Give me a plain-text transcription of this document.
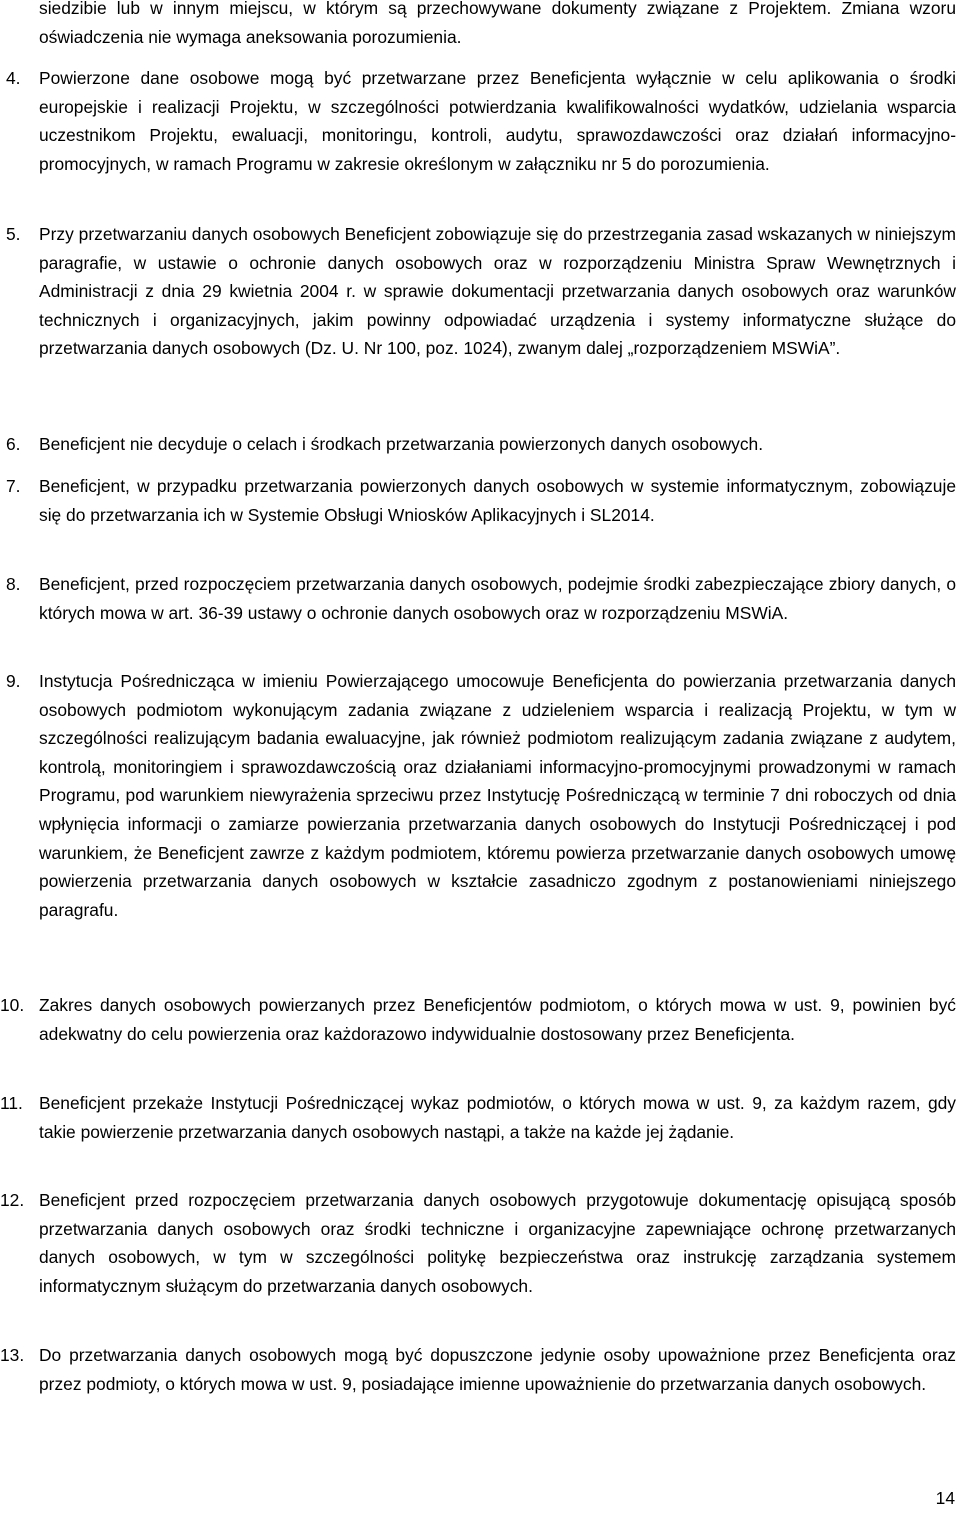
siedzibie lub w innym miejscu, w którym są przechowywane dokumenty związane z Projektem. Zmiana wzoru oświadczenia nie wymaga aneksowania porozumienia.
4. Powierzone dane osobowe mogą być przetwarzane przez Beneficjenta wyłącznie w celu aplikowania o środki europejskie i realizacji Projektu, w szczególności potwierdzania kwalifikowalności wydatków, udzielania wsparcia uczestnikom Projektu, ewaluacji, monitoringu, kontroli, audytu, sprawozdawczości oraz działań informacyjno-promocyjnych, w ramach Programu w zakresie określonym w załączniku nr 5 do porozumienia.
5. Przy przetwarzaniu danych osobowych Beneficjent zobowiązuje się do przestrzegania zasad wskazanych w niniejszym paragrafie, w ustawie o ochronie danych osobowych oraz w rozporządzeniu Ministra Spraw Wewnętrznych i Administracji z dnia 29 kwietnia 2004 r. w sprawie dokumentacji przetwarzania danych osobowych oraz warunków technicznych i organizacyjnych, jakim powinny odpowiadać urządzenia i systemy informatyczne służące do przetwarzania danych osobowych (Dz. U. Nr 100, poz. 1024), zwanym dalej „rozporządzeniem MSWiA”.
6. Beneficjent nie decyduje o celach i środkach przetwarzania powierzonych danych osobowych.
7. Beneficjent, w przypadku przetwarzania powierzonych danych osobowych w systemie informatycznym, zobowiązuje się do przetwarzania ich w Systemie Obsługi Wniosków Aplikacyjnych i SL2014.
8. Beneficjent, przed rozpoczęciem przetwarzania danych osobowych, podejmie środki zabezpieczające zbiory danych, o których mowa w art. 36-39 ustawy o ochronie danych osobowych oraz w rozporządzeniu MSWiA.
9. Instytucja Pośrednicząca w imieniu Powierzającego umocowuje Beneficjenta do powierzania przetwarzania danych osobowych podmiotom wykonującym zadania związane z udzieleniem wsparcia i realizacją Projektu, w tym w szczególności realizującym badania ewaluacyjne, jak również podmiotom realizującym zadania związane z audytem, kontrolą, monitoringiem i sprawozdawczością oraz działaniami informacyjno-promocyjnymi prowadzonymi w ramach Programu, pod warunkiem niewyrażenia sprzeciwu przez Instytucję Pośredniczącą w terminie 7 dni roboczych od dnia wpłynięcia informacji o zamiarze powierzania przetwarzania danych osobowych do Instytucji Pośredniczącej i pod warunkiem, że Beneficjent zawrze z każdym podmiotem, któremu powierza przetwarzanie danych osobowych umowę powierzenia przetwarzania danych osobowych w kształcie zasadniczo zgodnym z postanowieniami niniejszego paragrafu.
10. Zakres danych osobowych powierzanych przez Beneficjentów podmiotom, o których mowa w ust. 9, powinien być adekwatny do celu powierzenia oraz każdorazowo indywidualnie dostosowany przez Beneficjenta.
11. Beneficjent przekaże Instytucji Pośredniczącej wykaz podmiotów, o których mowa w ust. 9, za każdym razem, gdy takie powierzenie przetwarzania danych osobowych nastąpi, a także na każde jej żądanie.
12. Beneficjent przed rozpoczęciem przetwarzania danych osobowych przygotowuje dokumentację opisującą sposób przetwarzania danych osobowych oraz środki techniczne i organizacyjne zapewniające ochronę przetwarzanych danych osobowych, w tym w szczególności politykę bezpieczeństwa oraz instrukcję zarządzania systemem informatycznym służącym do przetwarzania danych osobowych.
13. Do przetwarzania danych osobowych mogą być dopuszczone jedynie osoby upoważnione przez Beneficjenta oraz przez podmioty, o których mowa w ust. 9, posiadające imienne upoważnienie do przetwarzania danych osobowych.
14
